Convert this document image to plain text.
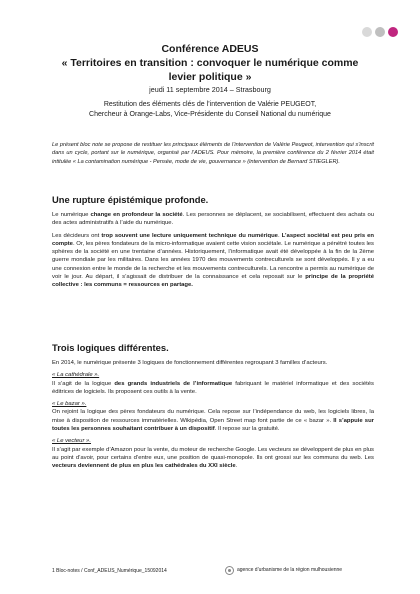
Conférence ADEUS
« Territoires en transition : convoquer le numérique comme
levier politique »
jeudi 11 septembre 2014 – Strasbourg
Restitution des éléments clés de l’intervention de Valérie PEUGEOT,
Chercheur à Orange-Labs, Vice-Présidente du Conseil National du numérique

Le présent bloc note se propose de restituer les principaux éléments de l’intervention de Valérie Peugeot, intervention qui s’inscrit dans un cycle, portant sur le numérique, organisé par l’ADEUS. Pour mémoire, la première conférence du 2 février 2014 était intitulée « La contamination numérique - Pensée, mode de vie, gouvernance » (intervention de Bernard STIEGLER).

Une rupture épistémique profonde.

Le numérique change en profondeur la société. Les personnes se déplacent, se sociabilisent, effectuent des achats ou des actes administratifs à l’aide du numérique.

Les décideurs ont trop souvent une lecture uniquement technique du numérique. L’aspect sociétal est peu pris en compte. Or, les pères fondateurs de la micro-informatique avaient cette vision sociétale. Le numérique a pénétré toutes les sphères de la société en une trentaine d’années. Historiquement, l’informatique avait été développée à la fin de la 2ème guerre mondiale par les militaires. Dans les années 1970 des mouvements contreculturels se sont développés. Il y a eu une connexion entre le monde de la recherche et les mouvements contreculturels. La rencontre a permis au numérique de voir le jour. Au départ, il s’agissait de distribuer de la connaissance et cela reposait sur le principe de la propriété collective : les communs = ressources en partage.

Trois logiques différentes.

En 2014, le numérique présente 3 logiques de fonctionnement différentes regroupant 3 familles d’acteurs.

« La cathédrale ».

Il s’agit de la logique des grands industriels de l’informatique fabriquant le matériel informatique et des sociétés éditrices de logiciels. Ils proposent ces outils à la vente.

« Le bazar ».

On rejoint la logique des pères fondateurs du numérique. Cela repose sur l’indépendance du web, les logiciels libres, la mise à disposition de ressources immatérielles. Wikipédia, Open Street map font partie de ce « bazar ». Il s’appuie sur toutes les personnes souhaitant contribuer à un dispositif. Il repose sur la gratuité.

« Le vecteur ».

Il s’agit par exemple d’Amazon pour la vente, du moteur de recherche Google. Les vecteurs se développent de plus en plus au point d’avoir, pour certains d’entre eux, une position de quasi-monopole. Ils ont grossi sur les communs du web. Les vecteurs deviennent de plus en plus les cathédrales du XXI siècle.

1 Bloc-notes / Conf_ADEUS_Numérique_15092014	agence d’urbanisme de la région mulhousienne
